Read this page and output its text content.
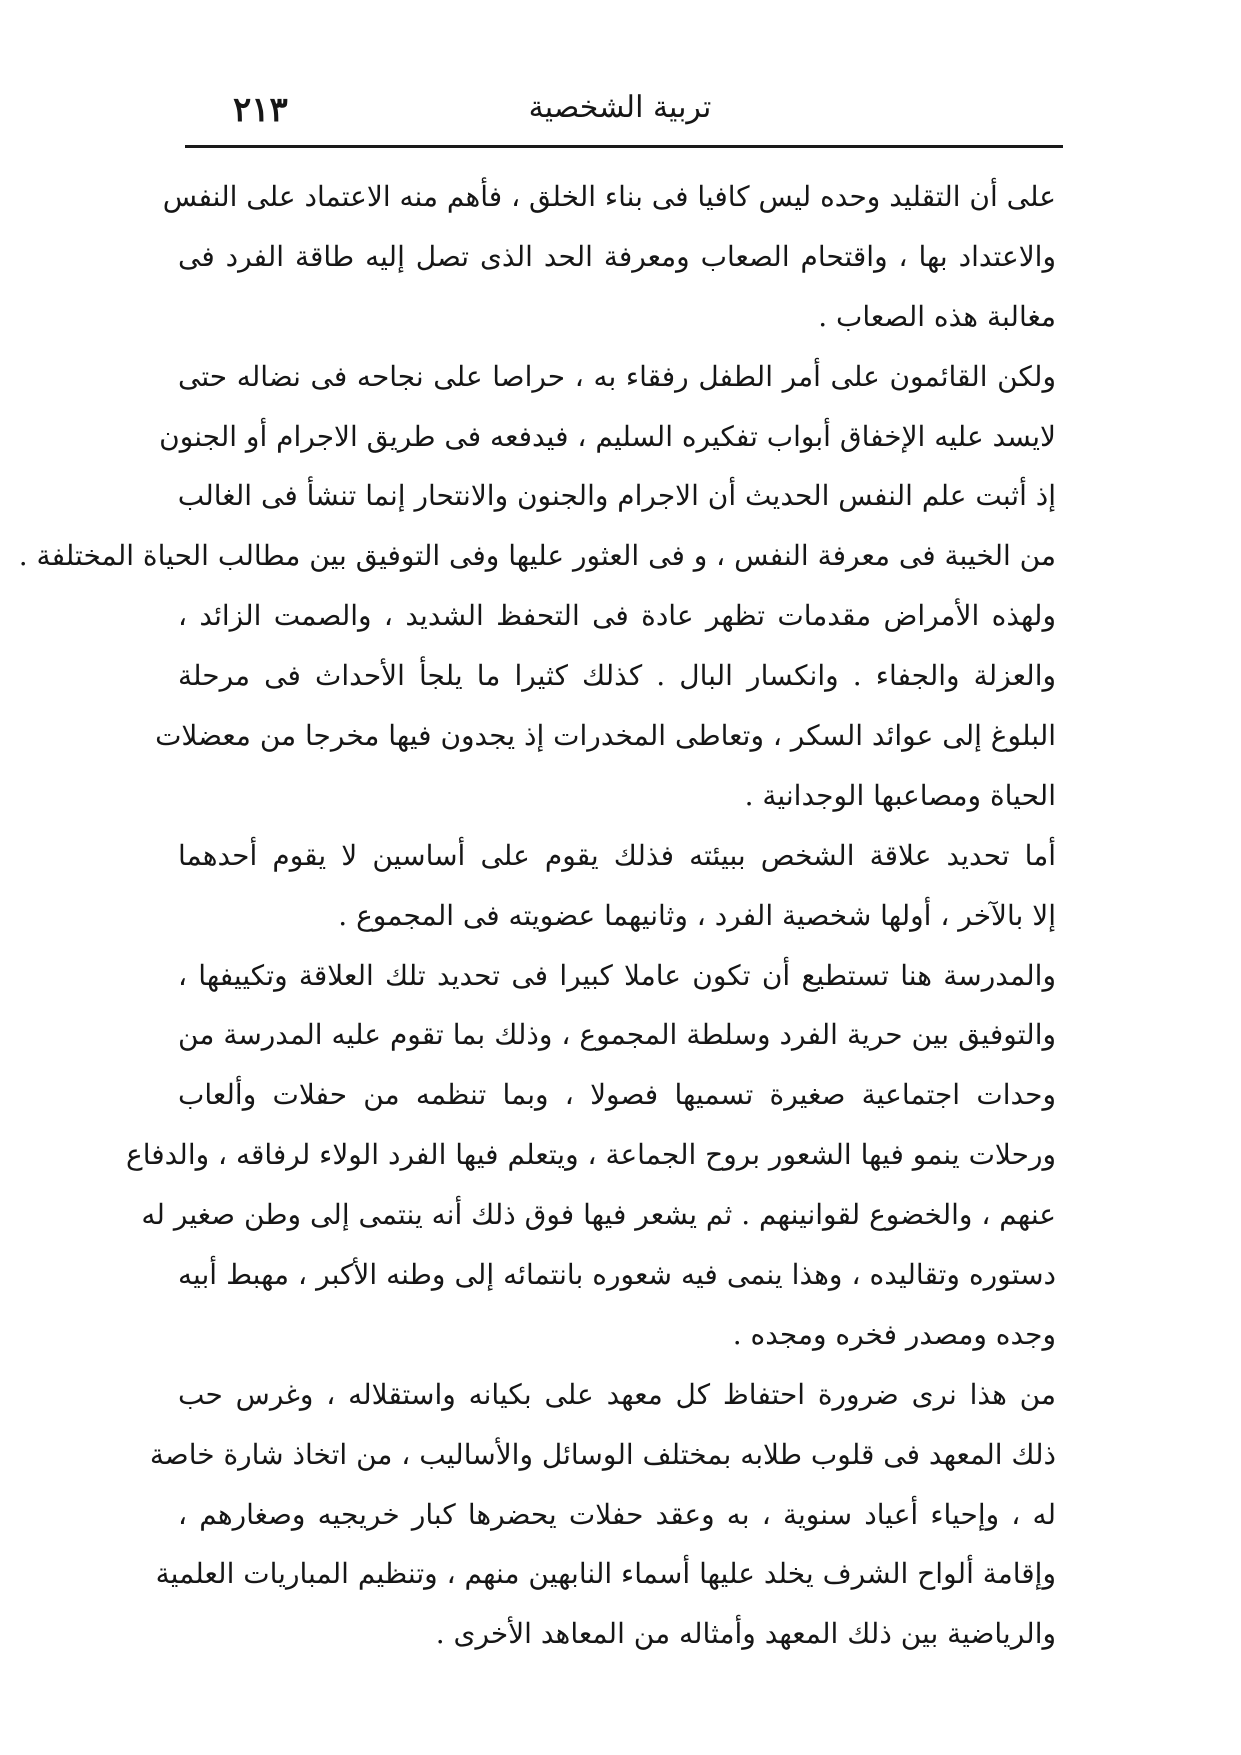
٢١٣	تربية الشخصية
على أن التقليد وحده ليس كافيا فى بناء الخلق ، فأهم منه الاعتماد على النفس
والاعتداد بها ، واقتحام الصعاب ومعرفة الحد الذى تصل إليه طاقة الفرد فى
مغالبة هذه الصعاب .
ولكن القائمون على أمر الطفل رفقاء به ، حراصا على نجاحه فى نضاله حتى
لايسد عليه الإخفاق أبواب تفكيره السليم ، فيدفعه فى طريق الاجرام أو الجنون
إذ أثبت علم النفس الحديث أن الاجرام والجنون والانتحار إنما تنشأ فى الغالب
من الخيبة فى معرفة النفس ، و فى العثور عليها وفى التوفيق بين مطالب الحياة المختلفة .
ولهذه الأمراض مقدمات تظهر عادة فى التحفظ الشديد ، والصمت الزائد ،
والعزلة والجفاء . وانكسار البال . كذلك كثيرا ما يلجأ الأحداث فى مرحلة
البلوغ إلى عوائد السكر ، وتعاطى المخدرات إذ يجدون فيها مخرجا من معضلات
الحياة ومصاعبها الوجدانية .
أما تحديد علاقة الشخص ببيئته فذلك يقوم على أساسين لا يقوم أحدهما
إلا بالآخر ، أولها شخصية الفرد ، وثانيهما عضويته فى المجموع .
والمدرسة هنا تستطيع أن تكون عاملا كبيرا فى تحديد تلك العلاقة وتكييفها ،
والتوفيق بين حرية الفرد وسلطة المجموع ، وذلك بما تقوم عليه المدرسة من
وحدات اجتماعية صغيرة تسميها فصولا ، وبما تنظمه من حفلات وألعاب
ورحلات ينمو فيها الشعور بروح الجماعة ، ويتعلم فيها الفرد الولاء لرفاقه ، والدفاع
عنهم ، والخضوع لقوانينهم . ثم يشعر فيها فوق ذلك أنه ينتمى إلى وطن صغير له
دستوره وتقاليده ، وهذا ينمى فيه شعوره بانتمائه إلى وطنه الأكبر ، مهبط أبيه
وجده ومصدر فخره ومجده .
من هذا نرى ضرورة احتفاظ كل معهد على بكيانه واستقلاله ، وغرس حب
ذلك المعهد فى قلوب طلابه بمختلف الوسائل والأساليب ، من اتخاذ شارة خاصة
له ، وإحياء أعياد سنوية ، به وعقد حفلات يحضرها كبار خريجيه وصغارهم ،
وإقامة ألواح الشرف يخلد عليها أسماء النابهين منهم ، وتنظيم المباريات العلمية
والرياضية بين ذلك المعهد وأمثاله من المعاهد الأخرى .
